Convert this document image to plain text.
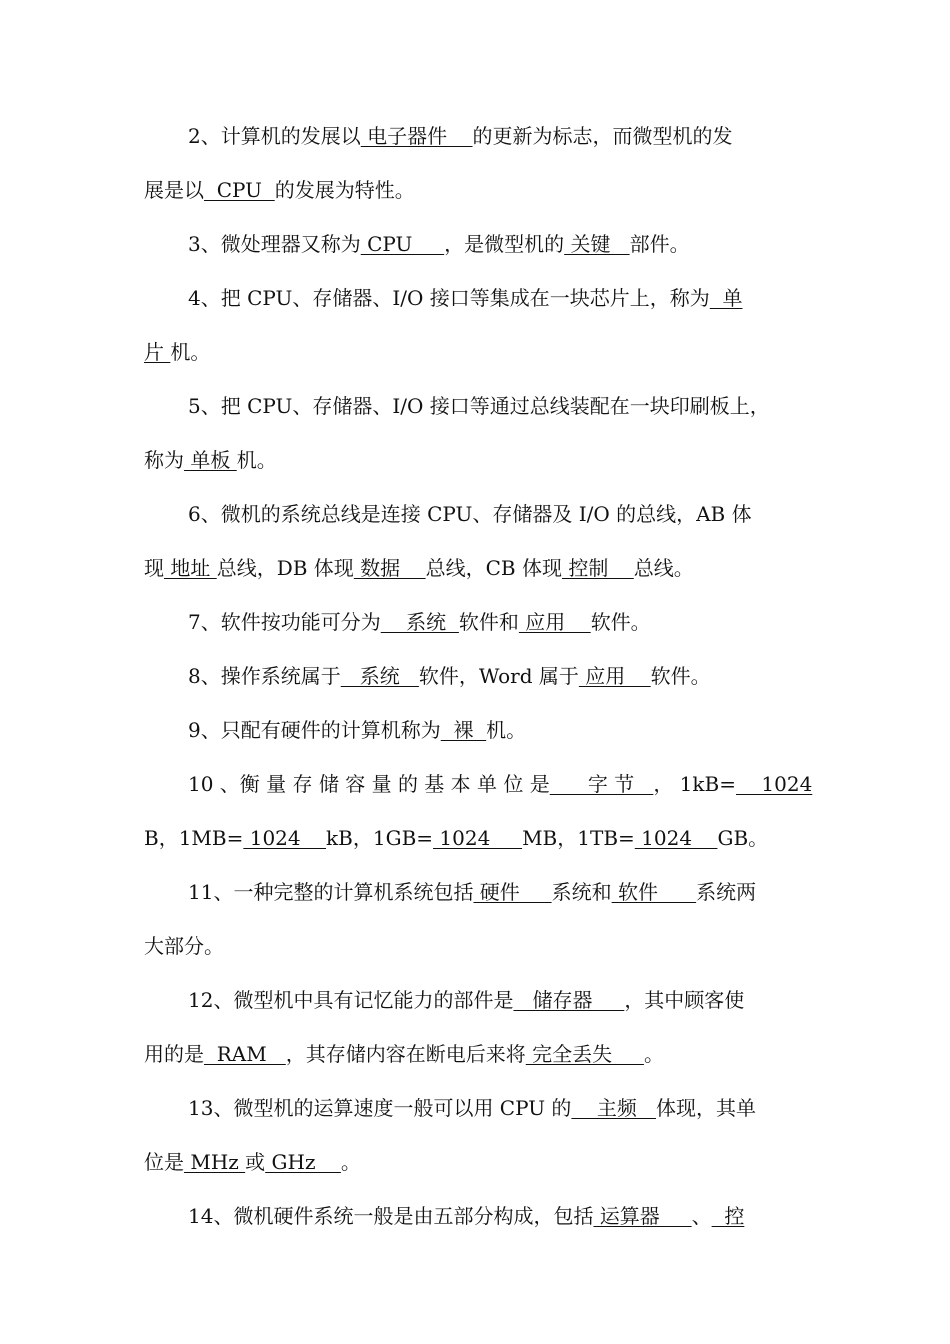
2、计算机的发展以 电子器件    的更新为标志，而微型机的发
展是以  CPU  的发展为特性。
3、微处理器又称为 CPU     ，是微型机的 关键   部件。
4、把 CPU、存储器、I/O 接口等集成在一块芯片上，称为  单
片 机。
5、把 CPU、存储器、I/O 接口等通过总线装配在一块印刷板上，
称为 单板 机。
6、微机的系统总线是连接 CPU、存储器及 I/O 的总线，AB 体
现 地址 总线，DB 体现 数据    总线，CB 体现 控制    总线。
7、软件按功能可分为    系统  软件和 应用    软件。
8、操作系统属于   系统   软件，Word 属于 应用    软件。
9、只配有硬件的计算机称为  裸  机。
10 、衡 量 存 储 容 量 的 基 本 单 位 是      字 节   ， 1kB=    1024
B，1MB= 1024    kB，1GB= 1024     MB，1TB= 1024    GB。
11、一种完整的计算机系统包括 硬件     系统和 软件      系统两
大部分。
12、微型机中具有记忆能力的部件是   储存器     ，其中顾客使
用的是  RAM   ，其存储内容在断电后来将 完全丢失     。
13、微型机的运算速度一般可以用 CPU 的    主频   体现，其单
位是 MHz 或 GHz    。
14、微机硬件系统一般是由五部分构成，包括 运算器     、  控
